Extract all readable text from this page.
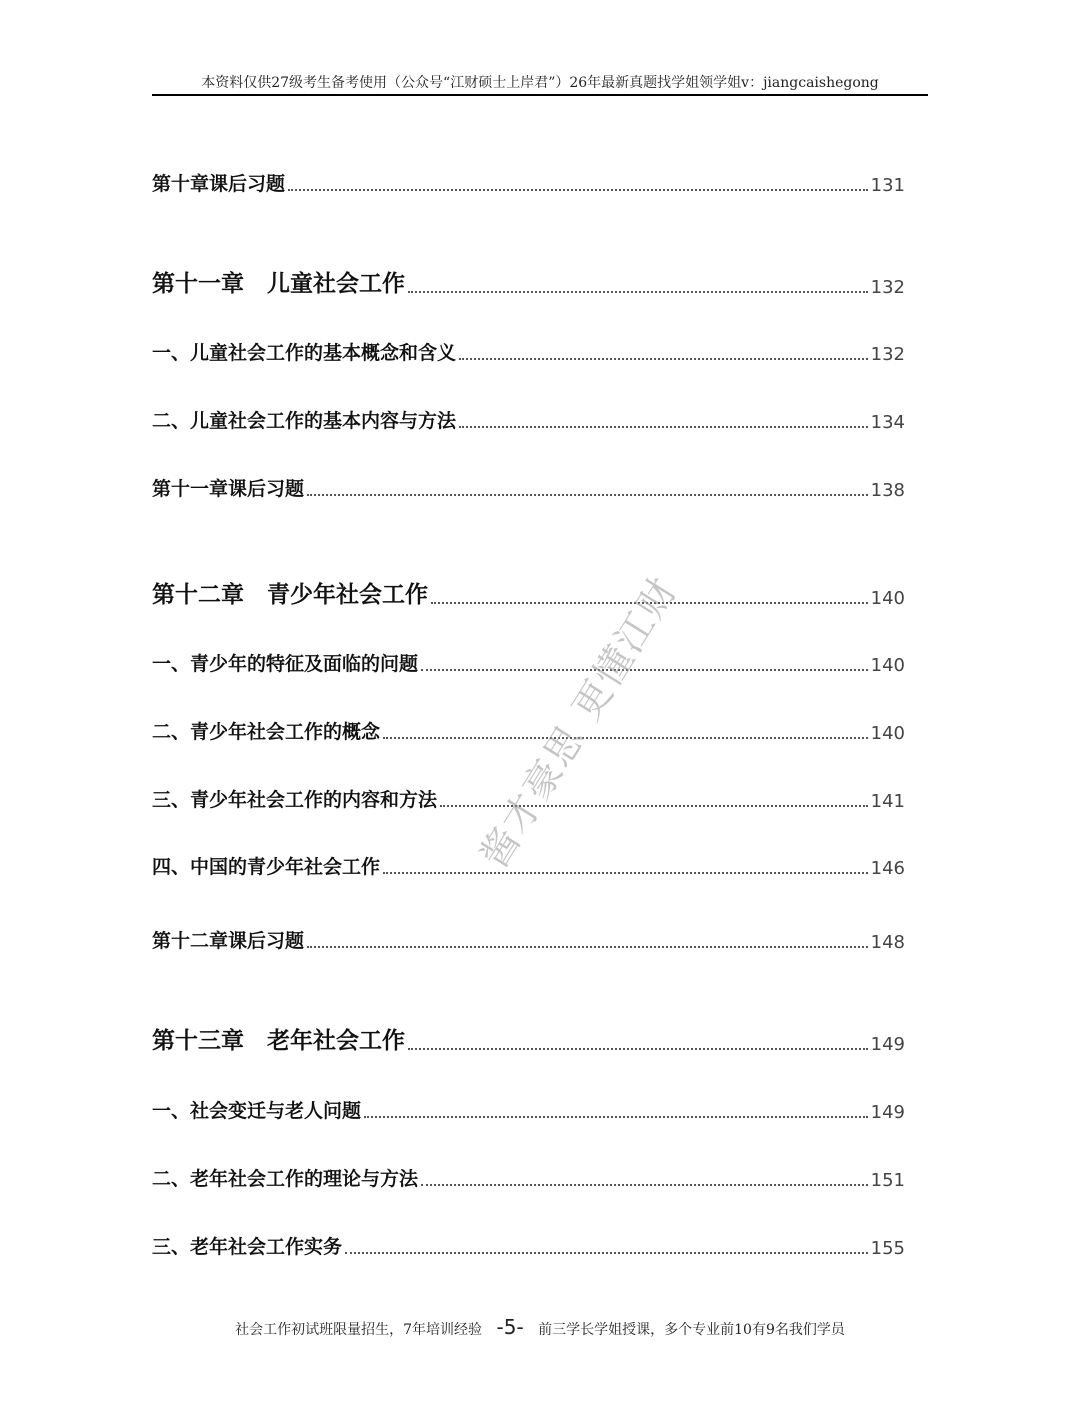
本资料仅供27级考生备考使用（公众号“江财硕士上岸君”）26年最新真题找学姐领学姐v：jiangcaishegong
第十章课后习题	131
第十一章　儿童社会工作	132
一、儿童社会工作的基本概念和含义	132
二、儿童社会工作的基本内容与方法	134
第十一章课后习题	138
第十二章　青少年社会工作	140
一、青少年的特征及面临的问题	140
二、青少年社会工作的概念	140
三、青少年社会工作的内容和方法	141
四、中国的青少年社会工作	146
第十二章课后习题	148
第十三章　老年社会工作	149
一、社会变迁与老人问题	149
二、老年社会工作的理论与方法	151
三、老年社会工作实务	155
酱才豪思 更懂江财
社会工作初试班限量招生，7年培训经验 -5- 前三学长学姐授课，多个专业前10有9名我们学员
